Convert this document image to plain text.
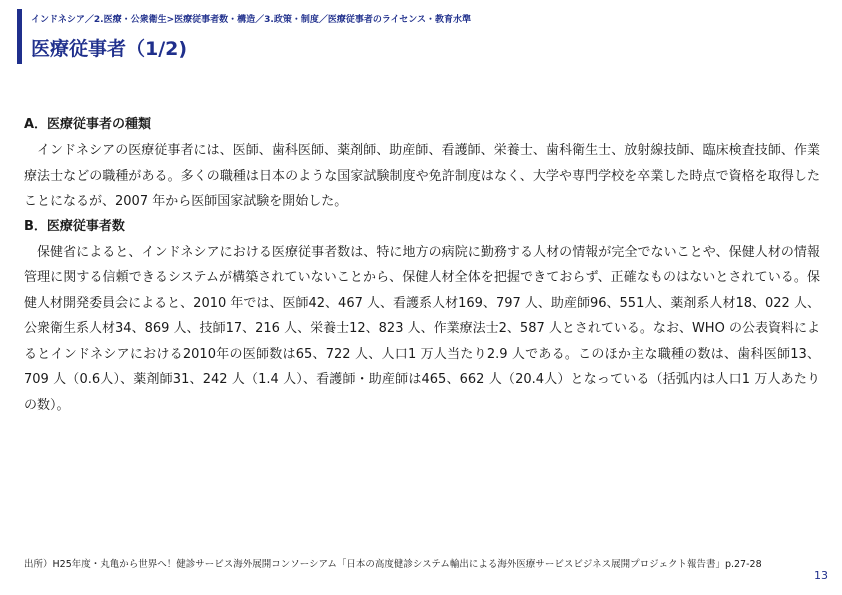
インドネシア／2.医療・公衆衛生>医療従事者数・構造／3.政策・制度／医療従事者のライセンス・教育水準
医療従事者（1/2)
A．医療従事者の種類

インドネシアの医療従事者には、医師、歯科医師、薬剤師、助産師、看護師、栄養士、歯科衛生士、放射線技師、臨床検査技師、作業療法士などの職種がある。多くの職種は日本のような国家試験制度や免許制度はなく、大学や専門学校を卒業した時点で資格を取得したことになるが、2007 年から医師国家試験を開始した。

B．医療従事者数

保健省によると、インドネシアにおける医療従事者数は、特に地方の病院に勤務する人材の情報が完全でないことや、保健人材の情報管理に関する信頼できるシステムが構築されていないことから、保健人材全体を把握できておらず、正確なものはないとされている。保健人材開発委員会によると、2010 年では、医師42、467 人、看護系人材169、797 人、助産師96、551人、薬剤系人材18、022 人、公衆衛生系人材34、869 人、技師17、216 人、栄養士12、823 人、作業療法士2、587 人とされている。なお、WHO の公表資料によるとインドネシアにおける2010年の医師数は65、722 人、人口1 万人当たり2.9 人である。このほか主な職種の数は、歯科医師13、709 人（0.6人）、薬剤師31、242 人（1.4 人）、看護師・助産師は465、662 人（20.4人）となっている（括弧内は人口1 万人あたりの数）。

出所）H25年度・丸亀から世界へ！健診サービス海外展開コンソーシアム「日本の高度健診システム輸出による海外医療サービスビジネス展開プロジェクト報告書」p.27-28
13
